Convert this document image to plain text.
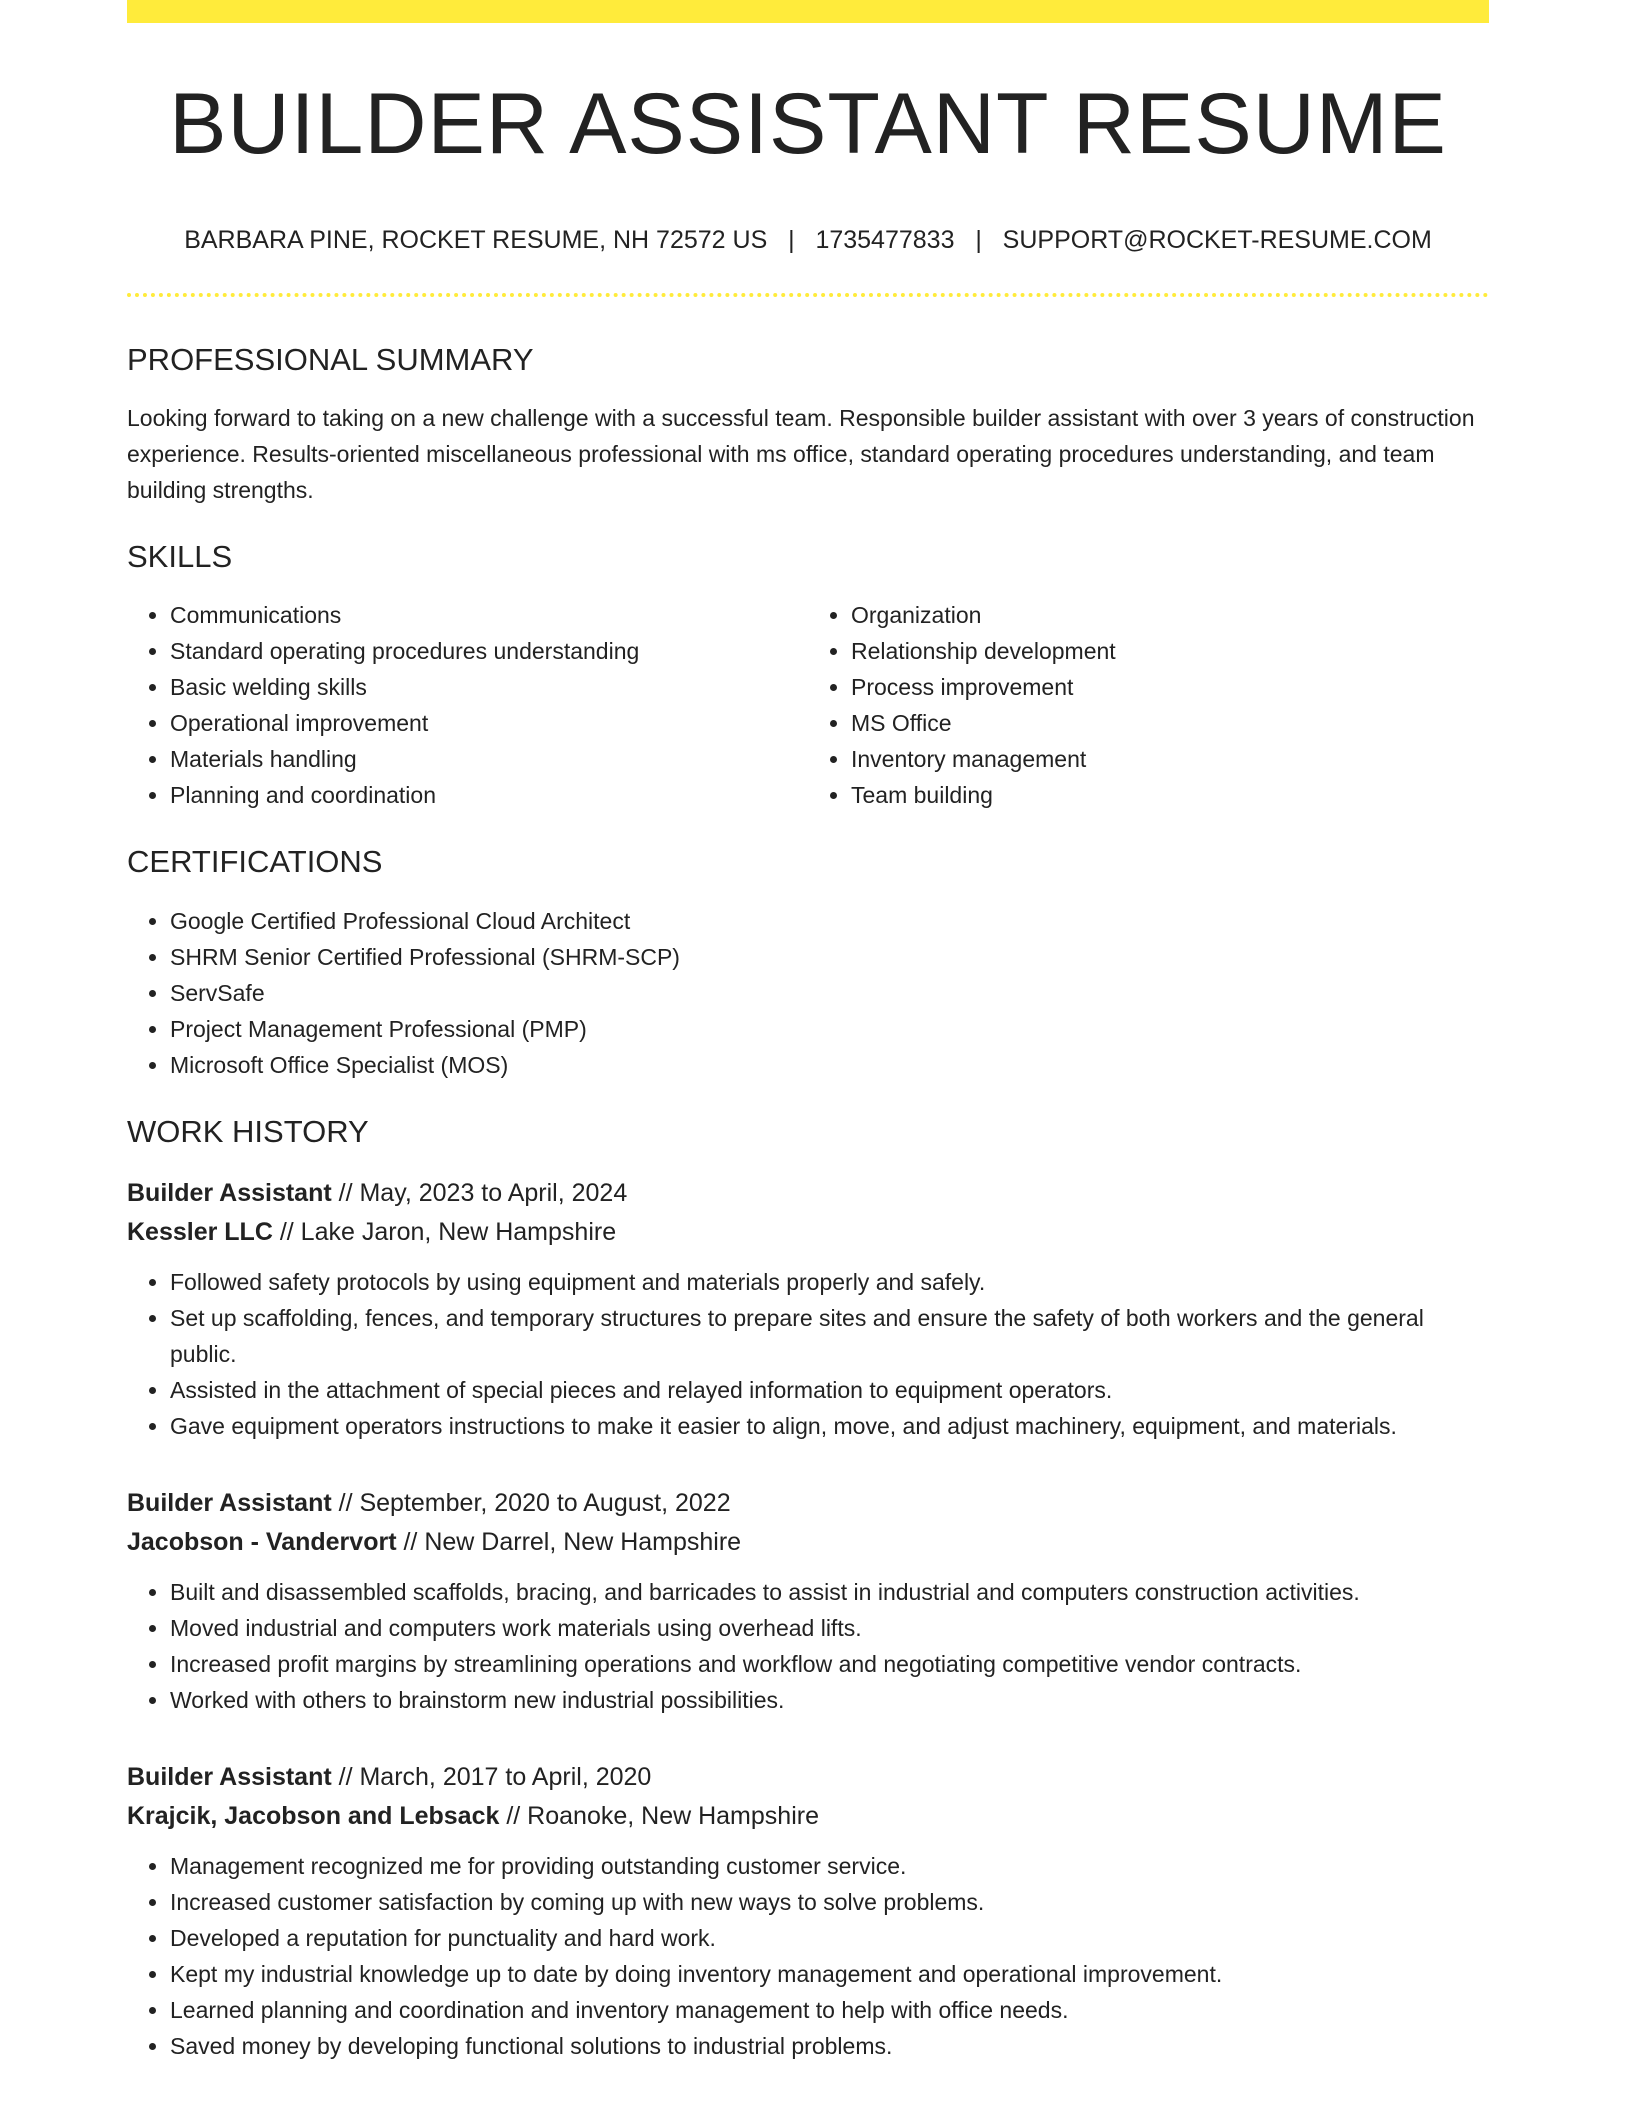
BUILDER ASSISTANT RESUME
BARBARA PINE, ROCKET RESUME, NH 72572 US | 1735477833 | SUPPORT@ROCKET-RESUME.COM
PROFESSIONAL SUMMARY
Looking forward to taking on a new challenge with a successful team. Responsible builder assistant with over 3 years of construction experience. Results-oriented miscellaneous professional with ms office, standard operating procedures understanding, and team building strengths.
SKILLS
• Communications
• Standard operating procedures understanding
• Basic welding skills
• Operational improvement
• Materials handling
• Planning and coordination
• Organization
• Relationship development
• Process improvement
• MS Office
• Inventory management
• Team building
CERTIFICATIONS
• Google Certified Professional Cloud Architect
• SHRM Senior Certified Professional (SHRM-SCP)
• ServSafe
• Project Management Professional (PMP)
• Microsoft Office Specialist (MOS)
WORK HISTORY
Builder Assistant // May, 2023 to April, 2024
Kessler LLC // Lake Jaron, New Hampshire
• Followed safety protocols by using equipment and materials properly and safely.
• Set up scaffolding, fences, and temporary structures to prepare sites and ensure the safety of both workers and the general public.
• Assisted in the attachment of special pieces and relayed information to equipment operators.
• Gave equipment operators instructions to make it easier to align, move, and adjust machinery, equipment, and materials.
Builder Assistant // September, 2020 to August, 2022
Jacobson - Vandervort // New Darrel, New Hampshire
• Built and disassembled scaffolds, bracing, and barricades to assist in industrial and computers construction activities.
• Moved industrial and computers work materials using overhead lifts.
• Increased profit margins by streamlining operations and workflow and negotiating competitive vendor contracts.
• Worked with others to brainstorm new industrial possibilities.
Builder Assistant // March, 2017 to April, 2020
Krajcik, Jacobson and Lebsack // Roanoke, New Hampshire
• Management recognized me for providing outstanding customer service.
• Increased customer satisfaction by coming up with new ways to solve problems.
• Developed a reputation for punctuality and hard work.
• Kept my industrial knowledge up to date by doing inventory management and operational improvement.
• Learned planning and coordination and inventory management to help with office needs.
• Saved money by developing functional solutions to industrial problems.
